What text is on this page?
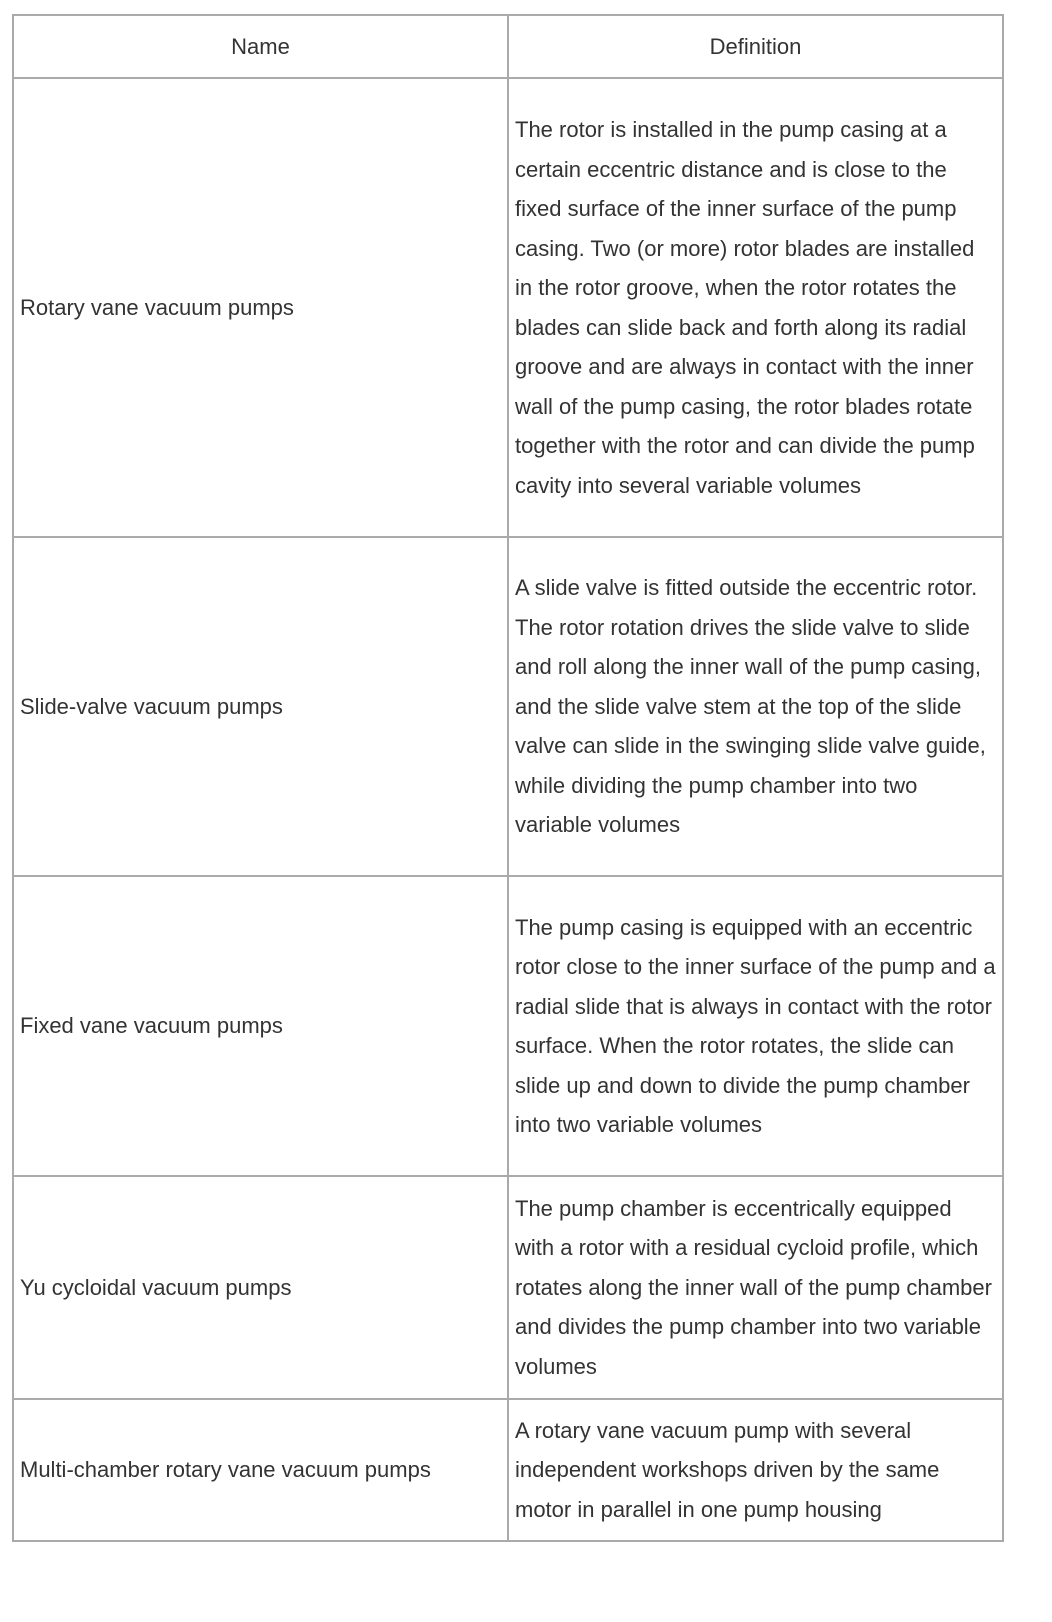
Name	Definition
Rotary vane vacuum pumps	The rotor is installed in the pump casing at a certain eccentric distance and is close to the fixed surface of the inner surface of the pump casing. Two (or more) rotor blades are installed in the rotor groove, when the rotor rotates the blades can slide back and forth along its radial groove and are always in contact with the inner wall of the pump casing, the rotor blades rotate together with the rotor and can divide the pump cavity into several variable volumes
Slide-valve vacuum pumps	A slide valve is fitted outside the eccentric rotor. The rotor rotation drives the slide valve to slide and roll along the inner wall of the pump casing, and the slide valve stem at the top of the slide valve can slide in the swinging slide valve guide, while dividing the pump chamber into two variable volumes
Fixed vane vacuum pumps	The pump casing is equipped with an eccentric rotor close to the inner surface of the pump and a radial slide that is always in contact with the rotor surface. When the rotor rotates, the slide can slide up and down to divide the pump chamber into two variable volumes
Yu cycloidal vacuum pumps	The pump chamber is eccentrically equipped with a rotor with a residual cycloid profile, which rotates along the inner wall of the pump chamber and divides the pump chamber into two variable volumes
Multi-chamber rotary vane vacuum pumps	A rotary vane vacuum pump with several independent workshops driven by the same motor in parallel in one pump housing
